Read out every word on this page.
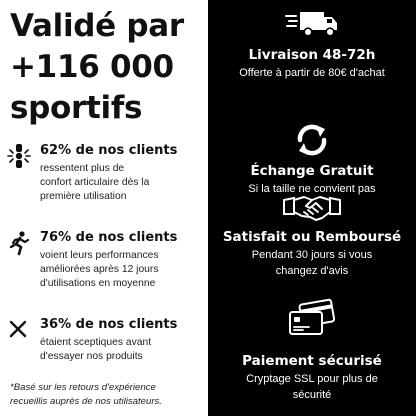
Validé par
+116 000
sportifs
62% de nos clients
ressentent plus de
confort articulaire dès la
première utilisation
76% de nos clients
voient leurs performances
améliorées après 12 jours
d'utilisations en moyenne
36% de nos clients
étaient sceptiques avant
d'essayer nos produits
*Basé sur les retours d'expérience
recueillis auprès de nos utilisateurs.
Livraison 48-72h
Offerte à partir de 80€ d'achat
Échange Gratuit
Si la taille ne convient pas
Satisfait ou Remboursé
Pendant 30 jours si vous
changez d'avis
Paiement sécurisé
Cryptage SSL pour plus de
sécurité
